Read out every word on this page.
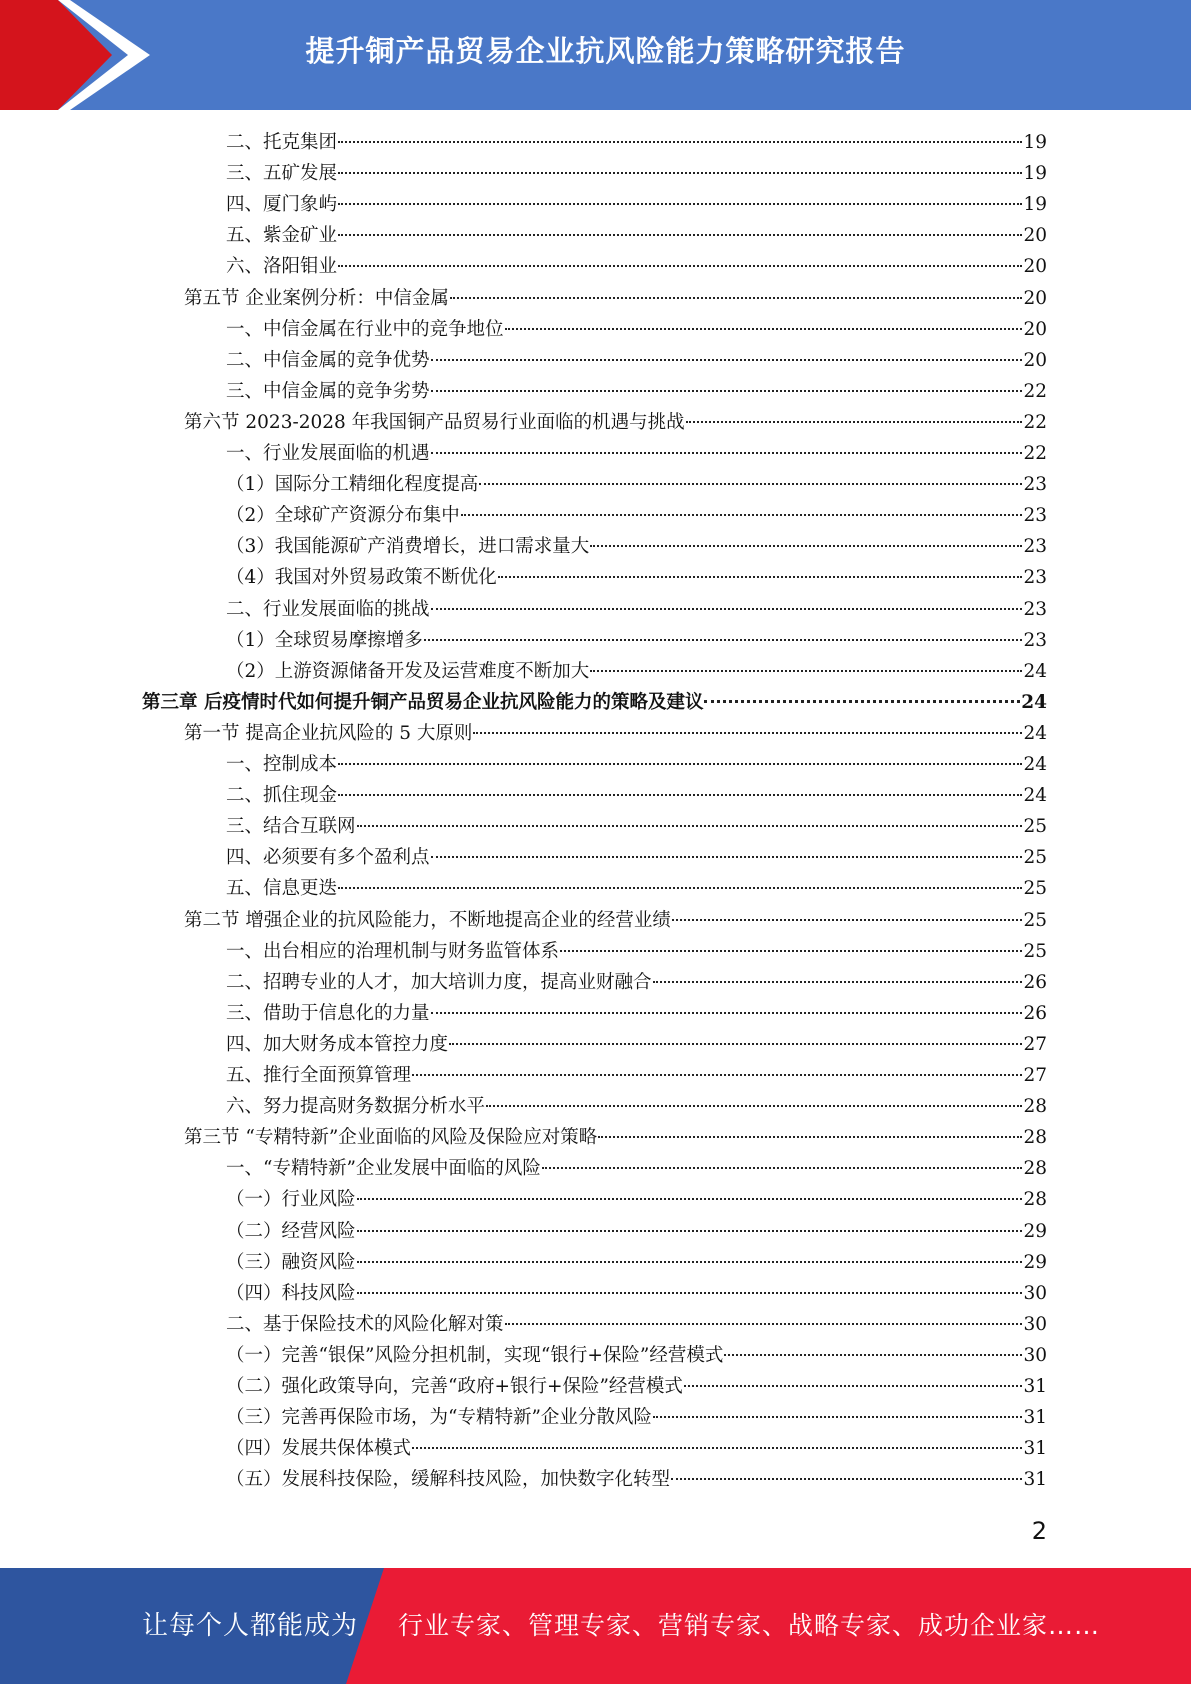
提升铜产品贸易企业抗风险能力策略研究报告
二、托克集团	19
三、五矿发展	19
四、厦门象屿	19
五、紫金矿业	20
六、洛阳钼业	20
第五节 企业案例分析：中信金属	20
一、中信金属在行业中的竞争地位	20
二、中信金属的竞争优势	20
三、中信金属的竞争劣势	22
第六节 2023-2028 年我国铜产品贸易行业面临的机遇与挑战	22
一、行业发展面临的机遇	22
（1）国际分工精细化程度提高	23
（2）全球矿产资源分布集中	23
（3）我国能源矿产消费增长，进口需求量大	23
（4）我国对外贸易政策不断优化	23
二、行业发展面临的挑战	23
（1）全球贸易摩擦增多	23
（2）上游资源储备开发及运营难度不断加大	24
第三章 后疫情时代如何提升铜产品贸易企业抗风险能力的策略及建议	24
第一节 提高企业抗风险的 5 大原则	24
一、控制成本	24
二、抓住现金	24
三、结合互联网	25
四、必须要有多个盈利点	25
五、信息更迭	25
第二节 增强企业的抗风险能力，不断地提高企业的经营业绩	25
一、出台相应的治理机制与财务监管体系	25
二、招聘专业的人才，加大培训力度，提高业财融合	26
三、借助于信息化的力量	26
四、加大财务成本管控力度	27
五、推行全面预算管理	27
六、努力提高财务数据分析水平	28
第三节 “专精特新”企业面临的风险及保险应对策略	28
一、“专精特新”企业发展中面临的风险	28
（一）行业风险	28
（二）经营风险	29
（三）融资风险	29
（四）科技风险	30
二、基于保险技术的风险化解对策	30
（一）完善“银保”风险分担机制，实现“银行+保险”经营模式	30
（二）强化政策导向，完善“政府+银行+保险”经营模式	31
（三）完善再保险市场，为“专精特新”企业分散风险	31
（四）发展共保体模式	31
（五）发展科技保险，缓解科技风险，加快数字化转型	31
2
让每个人都能成为 行业专家、管理专家、营销专家、战略专家、成功企业家……
